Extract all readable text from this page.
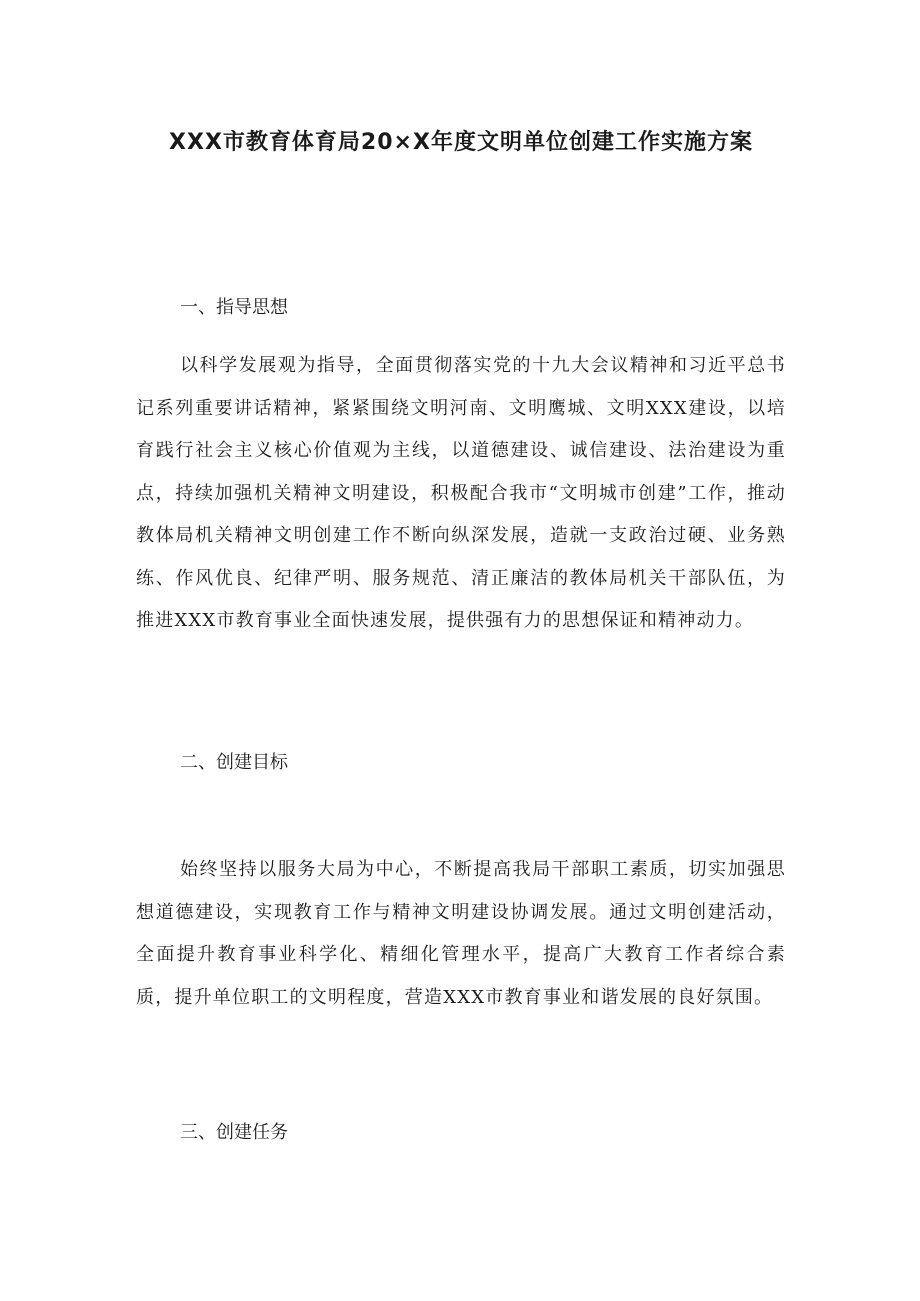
XXX市教育体育局20×X年度文明单位创建工作实施方案
一、指导思想
以科学发展观为指导，全面贯彻落实党的十九大会议精神和习近平总书记系列重要讲话精神，紧紧围绕文明河南、文明鹰城、文明XXX建设，以培育践行社会主义核心价值观为主线，以道德建设、诚信建设、法治建设为重点，持续加强机关精神文明建设，积极配合我市“文明城市创建”工作，推动教体局机关精神文明创建工作不断向纵深发展，造就一支政治过硬、业务熟练、作风优良、纪律严明、服务规范、清正廉洁的教体局机关干部队伍，为推进XXX市教育事业全面快速发展，提供强有力的思想保证和精神动力。
二、创建目标
始终坚持以服务大局为中心，不断提高我局干部职工素质，切实加强思想道德建设，实现教育工作与精神文明建设协调发展。通过文明创建活动，全面提升教育事业科学化、精细化管理水平，提高广大教育工作者综合素质，提升单位职工的文明程度，营造XXX市教育事业和谐发展的良好氛围。
三、创建任务
